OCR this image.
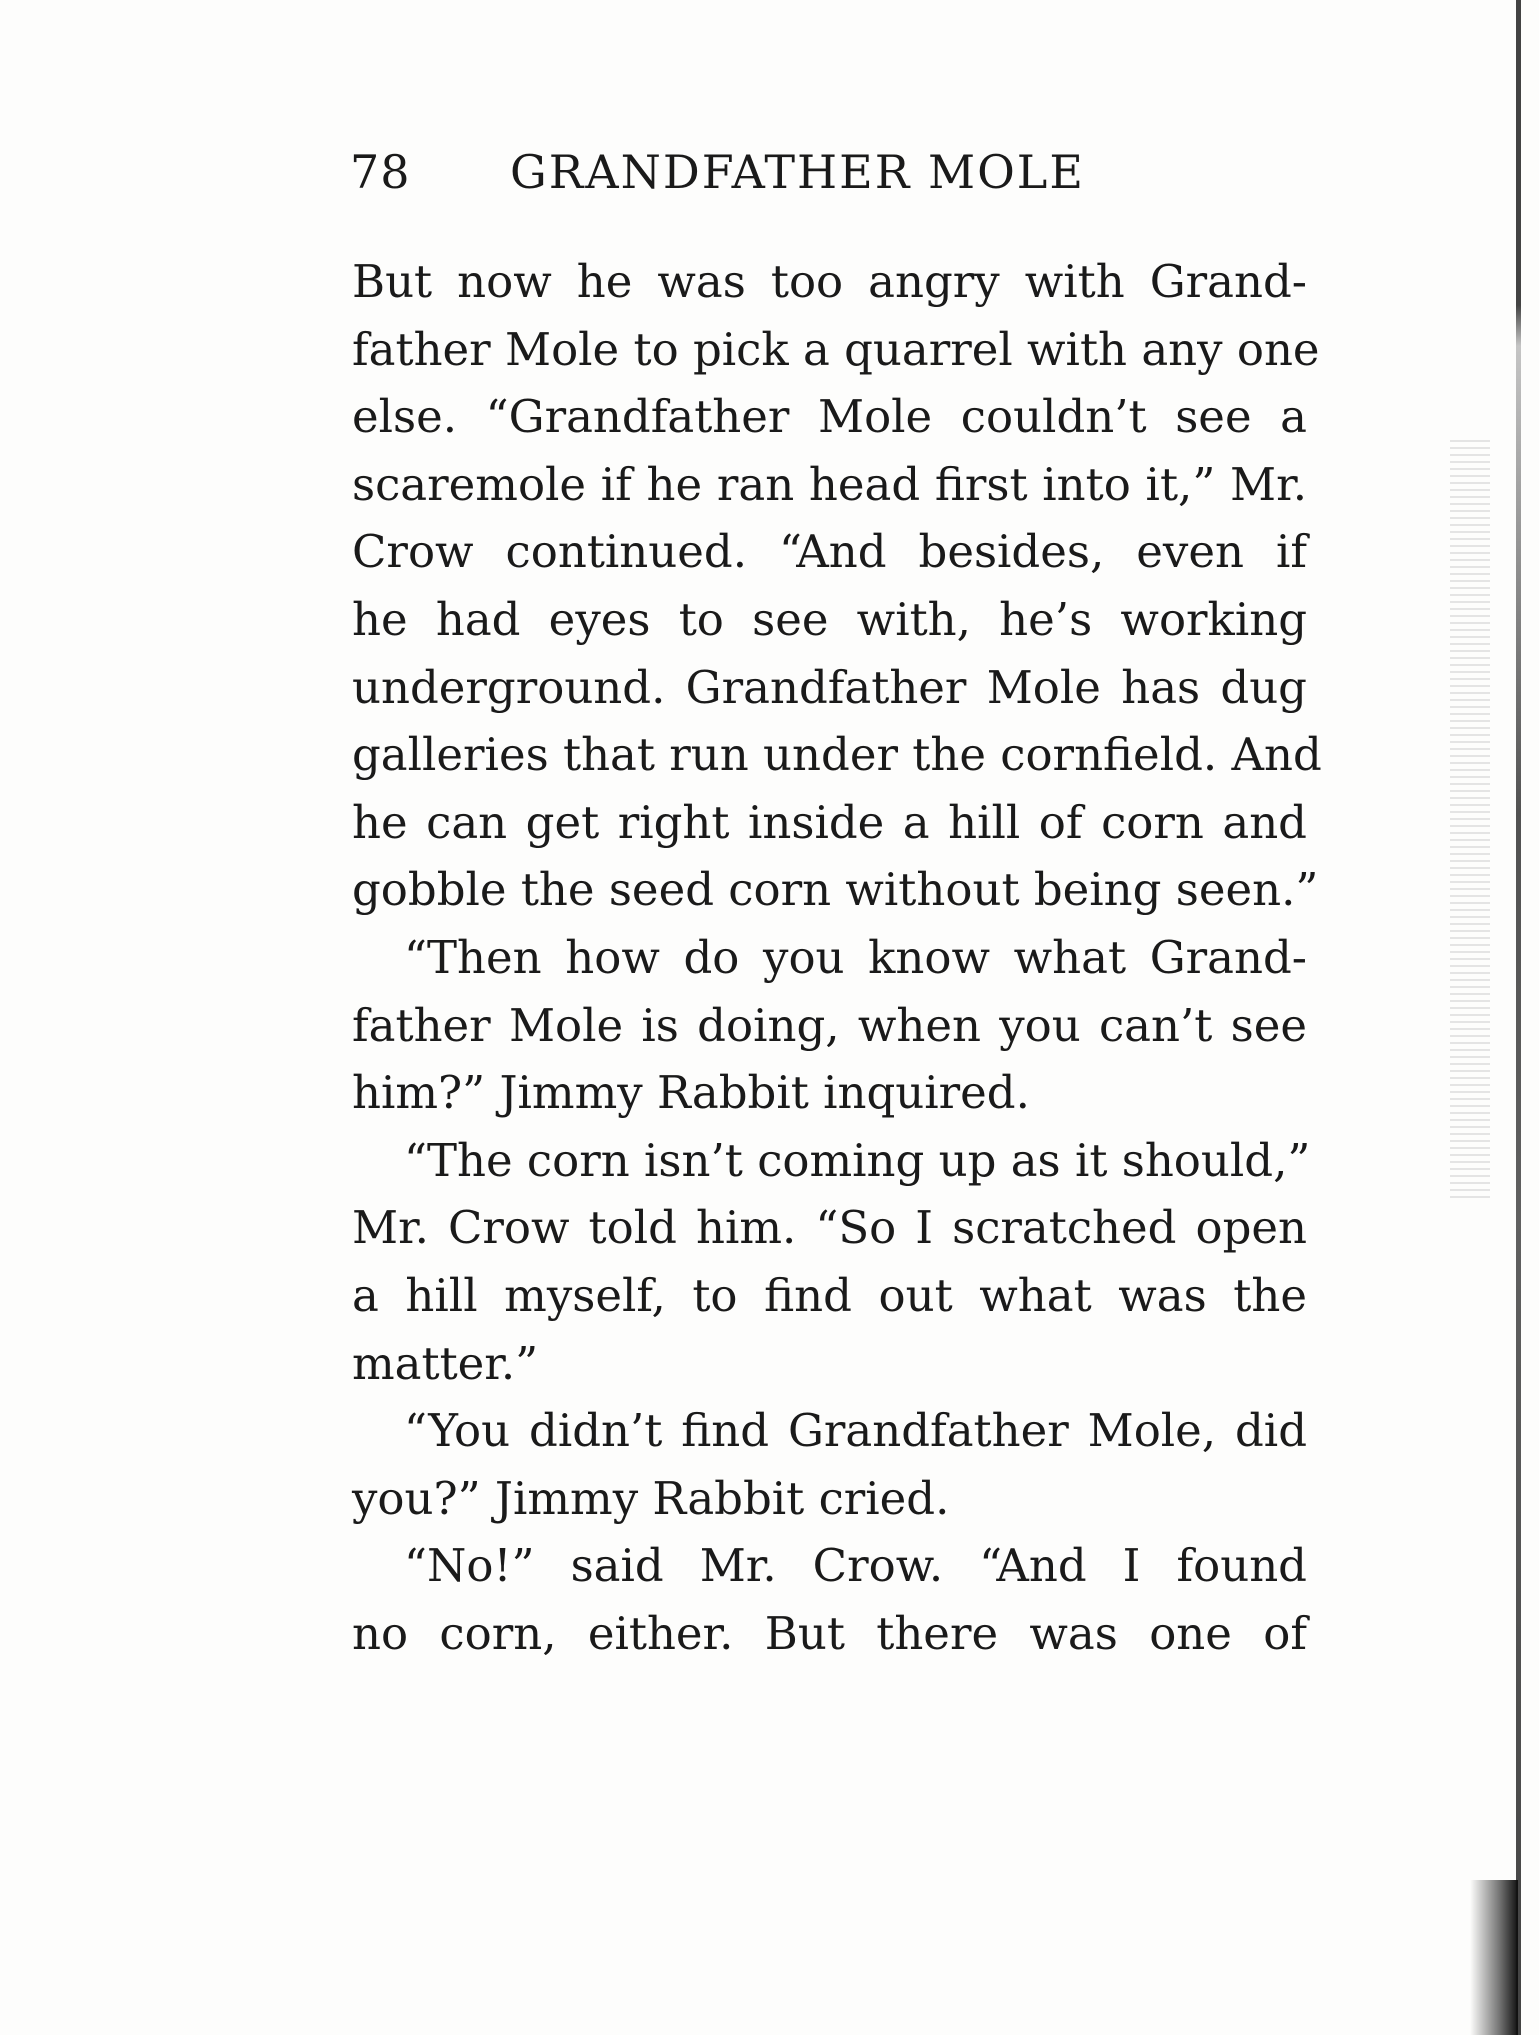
78 GRANDFATHER MOLE
But now he was too angry with Grand-
father Mole to pick a quarrel with any one
else. “Grandfather Mole couldn’t see a
scaremole if he ran head first into it,” Mr.
Crow continued. “And besides, even if
he had eyes to see with, he’s working
underground. Grandfather Mole has dug
galleries that run under the cornfield. And
he can get right inside a hill of corn and
gobble the seed corn without being seen.”
“Then how do you know what Grand-
father Mole is doing, when you can’t see
him?” Jimmy Rabbit inquired.
“The corn isn’t coming up as it should,”
Mr. Crow told him. “So I scratched open
a hill myself, to find out what was the
matter.”
“You didn’t find Grandfather Mole, did
you?” Jimmy Rabbit cried.
“No!” said Mr. Crow. “And I found
no corn, either. But there was one of
